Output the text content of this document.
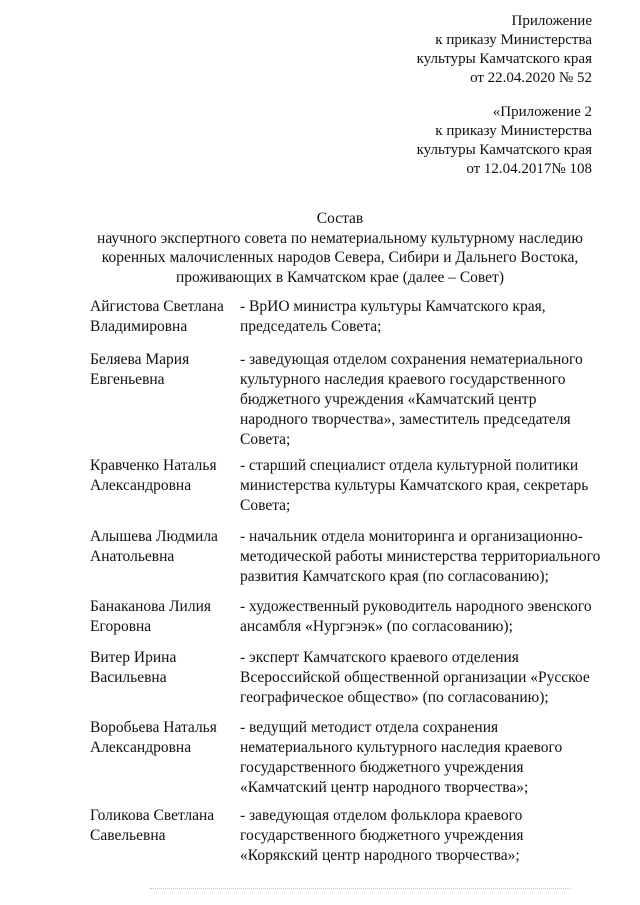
Приложение
к приказу Министерства
культуры Камчатского края
от 22.04.2020 № 52
«Приложение 2
к приказу Министерства
культуры Камчатского края
от 12.04.2017№ 108
Состав
научного экспертного совета по нематериальному культурному наследию
коренных малочисленных народов Севера, Сибири и Дальнего Востока,
проживающих в Камчатском крае (далее – Совет)
Айгистова Светлана
Владимировна
- ВрИО министра культуры Камчатского края,
председатель Совета;
Беляева Мария
Евгеньевна
- заведующая отделом сохранения нематериального
культурного наследия краевого государственного
бюджетного учреждения «Камчатский центр
народного творчества», заместитель председателя
Совета;
Кравченко Наталья
Александровна
- старший специалист отдела культурной политики
министерства культуры Камчатского края, секретарь
Совета;
Алышева Людмила
Анатольевна
- начальник отдела мониторинга и организационно-
методической работы министерства территориального
развития Камчатского края (по согласованию);
Банаканова Лилия
Егоровна
- художественный руководитель народного эвенского
ансамбля «Нургэнэк» (по согласованию);
Витер Ирина
Васильевна
- эксперт Камчатского краевого отделения
Всероссийской общественной организации «Русское
географическое общество» (по согласованию);
Воробьева Наталья
Александровна
- ведущий методист отдела сохранения
нематериального культурного наследия краевого
государственного бюджетного учреждения
«Камчатский центр народного творчества»;
Голикова Светлана
Савельевна
- заведующая отделом фольклора краевого
государственного бюджетного учреждения
«Корякский центр народного творчества»;
